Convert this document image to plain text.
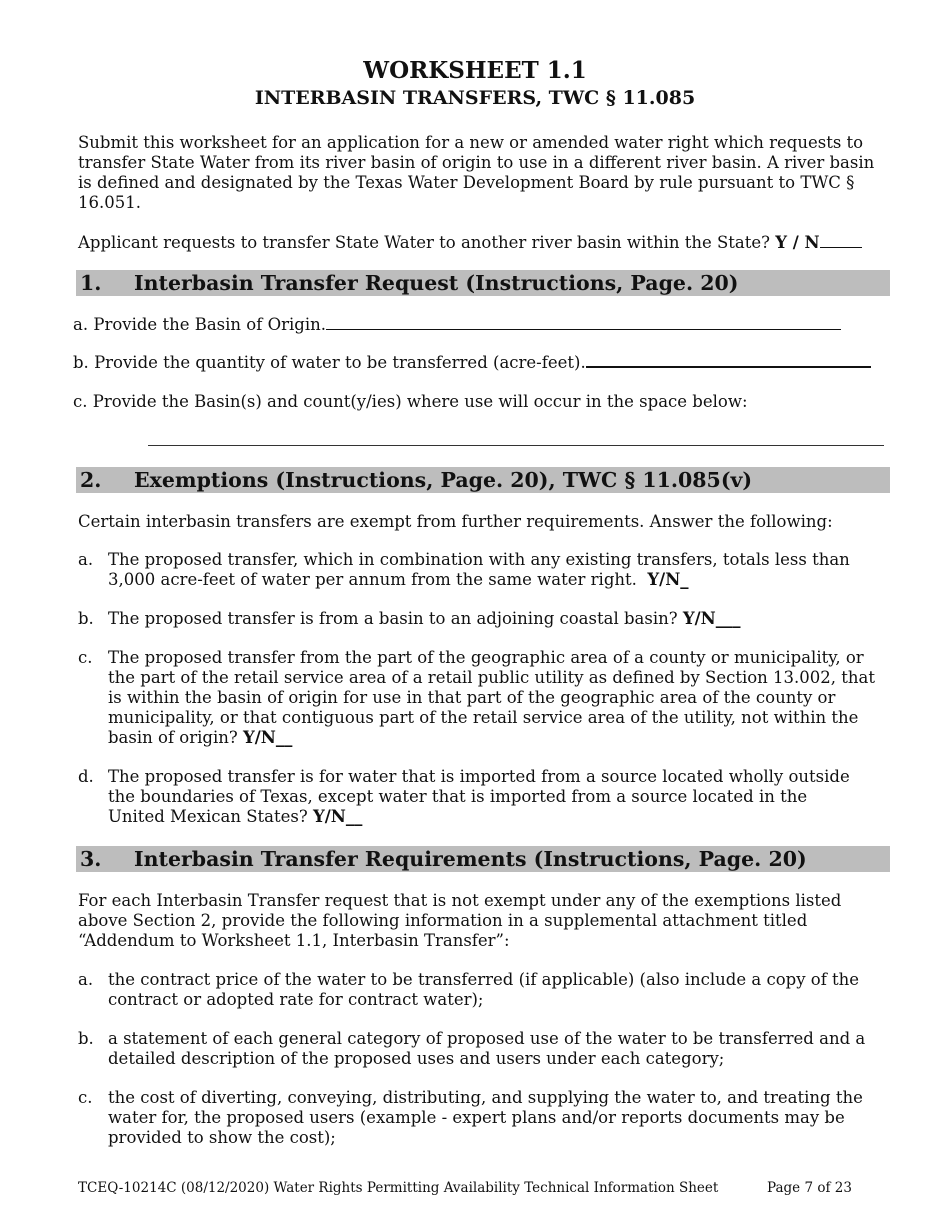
WORKSHEET 1.1
INTERBASIN TRANSFERS, TWC § 11.085
Submit this worksheet for an application for a new or amended water right which requests to transfer State Water from its river basin of origin to use in a different river basin. A river basin is defined and designated by the Texas Water Development Board by rule pursuant to TWC § 16.051.
Applicant requests to transfer State Water to another river basin within the State? Y / N
1. Interbasin Transfer Request (Instructions, Page. 20)
a. Provide the Basin of Origin.
b. Provide the quantity of water to be transferred (acre-feet).
c. Provide the Basin(s) and count(y/ies) where use will occur in the space below:
2. Exemptions (Instructions, Page. 20), TWC § 11.085(v)
Certain interbasin transfers are exempt from further requirements. Answer the following:
a. The proposed transfer, which in combination with any existing transfers, totals less than 3,000 acre-feet of water per annum from the same water right. Y/N_
b. The proposed transfer is from a basin to an adjoining coastal basin? Y/N___
c. The proposed transfer from the part of the geographic area of a county or municipality, or the part of the retail service area of a retail public utility as defined by Section 13.002, that is within the basin of origin for use in that part of the geographic area of the county or municipality, or that contiguous part of the retail service area of the utility, not within the basin of origin? Y/N__
d. The proposed transfer is for water that is imported from a source located wholly outside the boundaries of Texas, except water that is imported from a source located in the United Mexican States? Y/N__
3. Interbasin Transfer Requirements (Instructions, Page. 20)
For each Interbasin Transfer request that is not exempt under any of the exemptions listed above Section 2, provide the following information in a supplemental attachment titled “Addendum to Worksheet 1.1, Interbasin Transfer”:
a. the contract price of the water to be transferred (if applicable) (also include a copy of the contract or adopted rate for contract water);
b. a statement of each general category of proposed use of the water to be transferred and a detailed description of the proposed uses and users under each category;
c. the cost of diverting, conveying, distributing, and supplying the water to, and treating the water for, the proposed users (example - expert plans and/or reports documents may be provided to show the cost);
TCEQ-10214C (08/12/2020) Water Rights Permitting Availability Technical Information Sheet	Page 7 of 23
